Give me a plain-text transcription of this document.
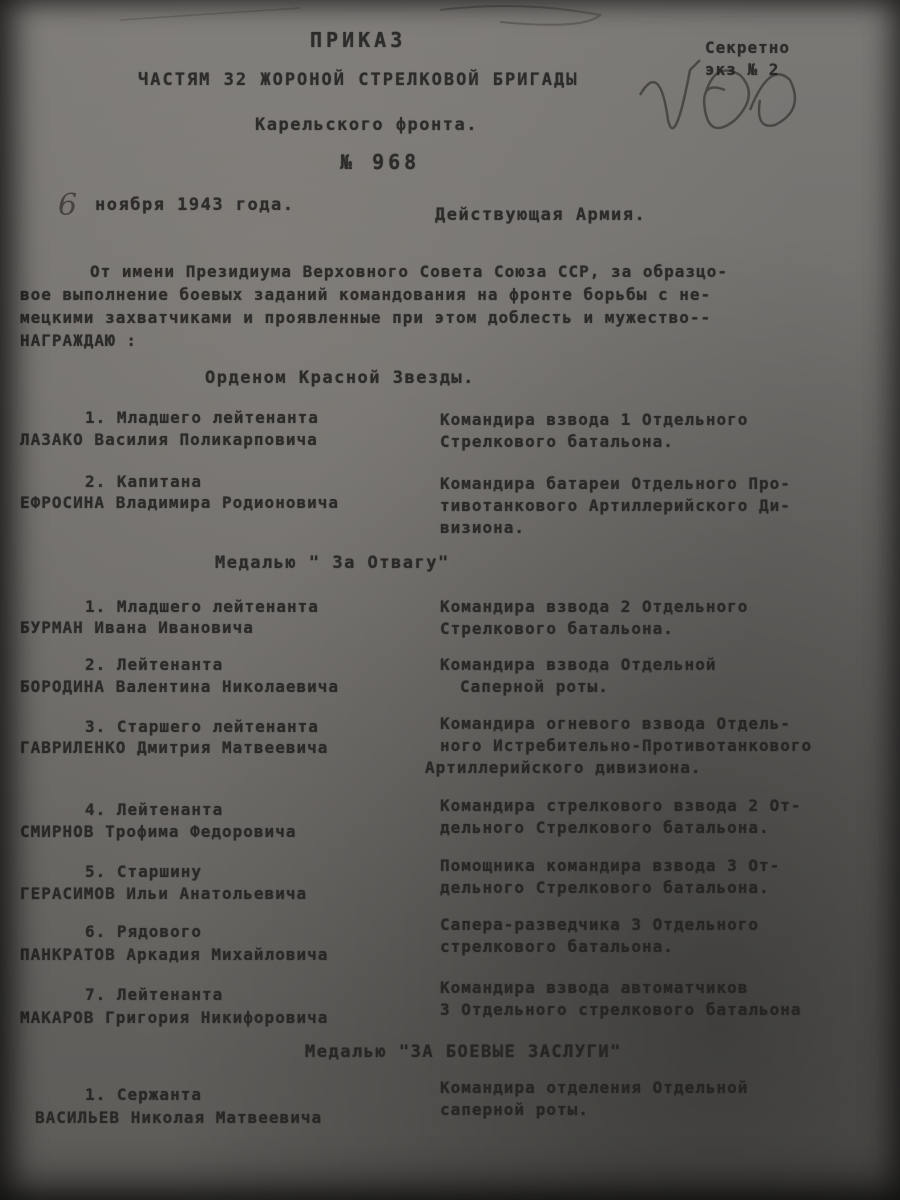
ПРИКАЗ
ЧАСТЯМ 32 ЖОРОНОЙ СТРЕЛКОВОЙ БРИГАДЫ
Карельского фронта.
№ 968
Секретно
экз № 2
6 ноября 1943 года.	Действующая Армия.
От имени Президиума Верховного Совета Союза ССР, за образцо-
вое выполнение боевых заданий командования на фронте борьбы с не-
мецкими захватчиками и проявленные при этом доблесть и мужество--
НАГРАЖДАЮ :
Орденом Красной Звезды.
1. Младшего лейтенанта
ЛАЗАКО Василия Поликарповича
Командира взвода 1 Отдельного
Стрелкового батальона.
2. Капитана
ЕФРОСИНА Владимира Родионовича
Командира батареи Отдельного Про-
тивотанкового Артиллерийского Ди-
визиона.
Медалью " За Отвагу"
1. Младшего лейтенанта
БУРМАН Ивана Ивановича
Командира взвода 2 Отдельного
Стрелкового батальона.
2. Лейтенанта
БОРОДИНА Валентина Николаевича
Командира взвода Отдельной
Саперной роты.
3. Старшего лейтенанта
ГАВРИЛЕНКО Дмитрия Матвеевича
Командира огневого взвода Отдель-
ного Истребительно-Противотанкового
Артиллерийского дивизиона.
4. Лейтенанта
СМИРНОВ Трофима Федоровича
Командира стрелкового взвода 2 От-
дельного Стрелкового батальона.
5. Старшину
ГЕРАСИМОВ Ильи Анатольевича
Помощника командира взвода 3 От-
дельного Стрелкового батальона.
6. Рядового
ПАНКРАТОВ Аркадия Михайловича
Сапера-разведчика 3 Отдельного
стрелкового батальона.
7. Лейтенанта
МАКАРОВ Григория Никифоровича
Командира взвода автоматчиков
3 Отдельного стрелкового батальона
Медалью "ЗА БОЕВЫЕ ЗАСЛУГИ"
1. Сержанта
ВАСИЛЬЕВ Николая Матвеевича
Командира отделения Отдельной
саперной роты.
